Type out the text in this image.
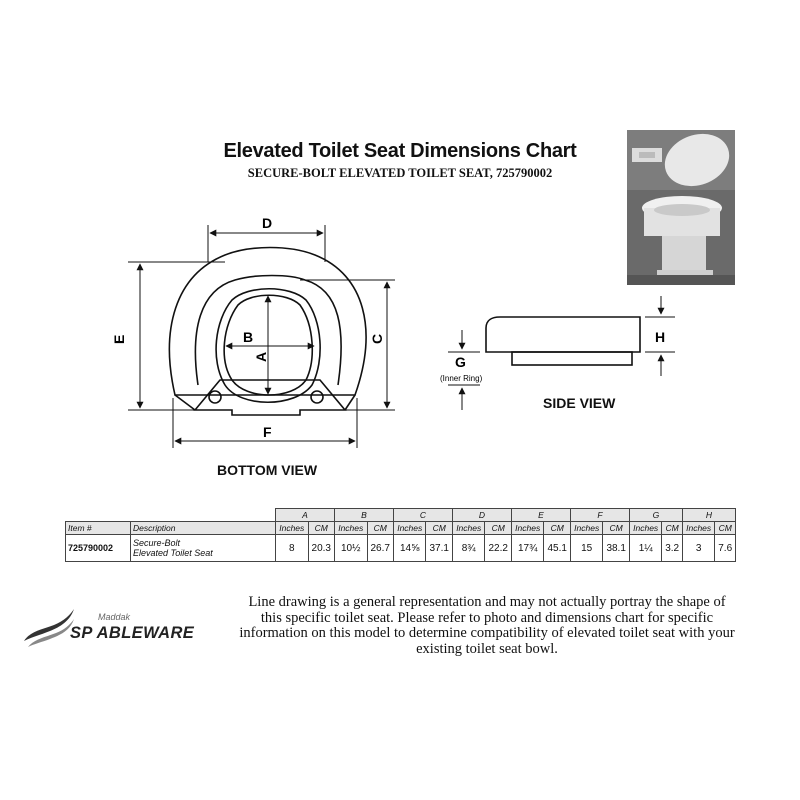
Elevated Toilet Seat Dimensions Chart
SECURE-BOLT ELEVATED TOILET SEAT, 725790002
D
E	C
F
A
B	H
G
(Inner Ring)
BOTTOM VIEW
SIDE VIEW
		A		B		C		D		E		F		G		H	
Item #	Description	Inches	CM	Inches	CM	Inches	CM	Inches	CM	Inches	CM	Inches	CM	Inches	CM	Inches	CM
725790002	Secure-Bolt
Elevated Toilet Seat	8	20.3	10½	26.7	14⅝	37.1	8¾	22.2	17¾	45.1	15	38.1	1¼	3.2	3	7.6
Maddak
SP ABLEWARE
Line drawing is a general representation and may not actually portray the shape of this specific toilet seat. Please refer to photo and dimensions chart for specific information on this model to determine compatibility of elevated toilet seat with your existing toilet seat bowl.
